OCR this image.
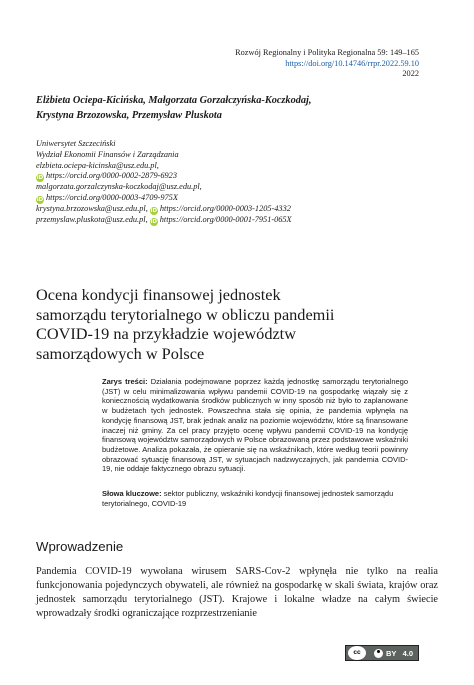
Rozwój Regionalny i Polityka Regionalna 59: 149–165
https://doi.org/10.14746/rrpr.2022.59.10
2022
Elżbieta Ociepa-Kicińska, Małgorzata Gorzałczyńska-Koczkodaj,
Krystyna Brzozowska, Przemysław Pluskota
Uniwersytet Szczeciński
Wydział Ekonomii Finansów i Zarządzania
elzbieta.ociepa-kicinska@usz.edu.pl,
iD https://orcid.org/0000-0002-2879-6923
malgorzata.gorzalczynska-koczkodaj@usz.edu.pl,
iD https://orcid.org/0000-0003-4709-975X
krystyna.brzozowska@usz.edu.pl, iD https://orcid.org/0000-0003-1205-4332
przemyslaw.pluskota@usz.edu.pl, iD https://orcid.org/0000-0001-7951-065X
Ocena kondycji finansowej jednostek
samorządu terytorialnego w obliczu pandemii
COVID-19 na przykładzie województw
samorządowych w Polsce
Zarys treści: Działania podejmowane poprzez każdą jednostkę samorządu terytorialnego (JST) w celu minimalizowania wpływu pandemii COVID-19 na gospodarkę wiązały się z koniecznością wydatkowania środków publicznych w inny sposób niż było to zaplanowane w budżetach tych jednostek. Powszechna stała się opinia, że pandemia wpłynęła na kondycję finansową JST, brak jednak analiz na poziomie województw, które są finansowane inaczej niż gminy. Za cel pracy przyjęto ocenę wpływu pandemii COVID-19 na kondycję finansową województw samorządowych w Polsce obrazowaną przez podstawowe wskaźniki budżetowe. Analiza pokazała, że opieranie się na wskaźnikach, które według teorii powinny obrazować sytuację finansową JST, w sytuacjach nadzwyczajnych, jak pandemia COVID-19, nie oddaje faktycznego obrazu sytuacji.
Słowa kluczowe: sektor publiczny, wskaźniki kondycji finansowej jednostek samorządu terytorialnego, COVID-19
Wprowadzenie
Pandemia COVID-19 wywołana wirusem SARS-Cov-2 wpłynęła nie tylko na realia funkcjonowania pojedynczych obywateli, ale również na gospodarkę w skali świata, krajów oraz jednostek samorządu terytorialnego (JST). Krajowe i lokalne władze na całym świecie wprowadzały środki ograniczające rozprzestrzenianie
cc	BY 4.0
